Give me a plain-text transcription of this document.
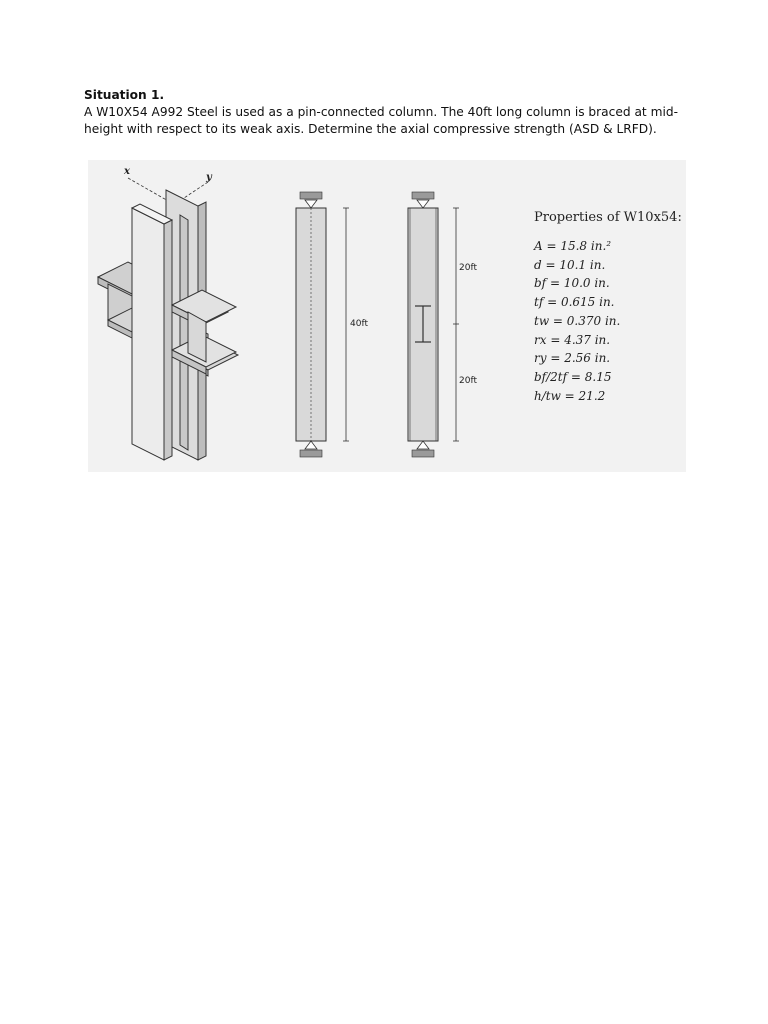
Situation 1.

A W10X54 A992 Steel is used as a pin-connected column. The 40ft long column is braced at mid-height with respect to its weak axis. Determine the axial compressive strength (ASD & LRFD).

x
y
40ft
20ft
20ft
Properties of W10x54:
A = 15.8 in.²
d = 10.1 in.
bf = 10.0 in.
tf = 0.615 in.
tw = 0.370 in.
rx = 4.37 in.
ry = 2.56 in.
bf/2tf = 8.15
h/tw = 21.2
